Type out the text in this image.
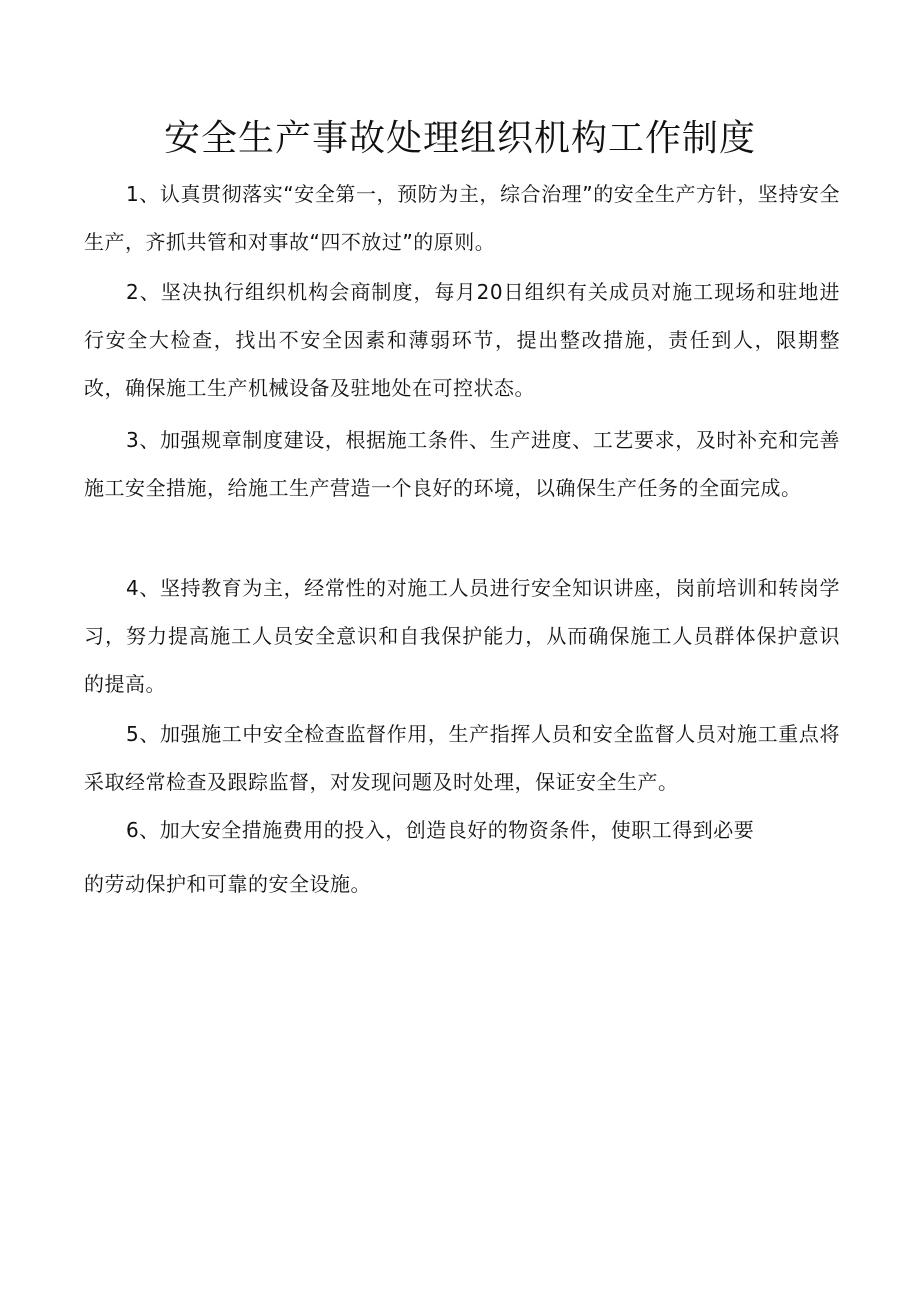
安全生产事故处理组织机构工作制度

1、认真贯彻落实“安全第一，预防为主，综合治理”的安全生产方针，坚持安全生产，齐抓共管和对事故“四不放过”的原则。

2、坚决执行组织机构会商制度，每月20日组织有关成员对施工现场和驻地进行安全大检查，找出不安全因素和薄弱环节，提出整改措施，责任到人，限期整改，确保施工生产机械设备及驻地处在可控状态。

3、加强规章制度建设，根据施工条件、生产进度、工艺要求，及时补充和完善施工安全措施，给施工生产营造一个良好的环境，以确保生产任务的全面完成。

4、坚持教育为主，经常性的对施工人员进行安全知识讲座，岗前培训和转岗学习，努力提高施工人员安全意识和自我保护能力，从而确保施工人员群体保护意识的提高。

5、加强施工中安全检查监督作用，生产指挥人员和安全监督人员对施工重点将采取经常检查及跟踪监督，对发现问题及时处理，保证安全生产。

6、加大安全措施费用的投入，创造良好的物资条件，使职工得到必要

的劳动保护和可靠的安全设施。
